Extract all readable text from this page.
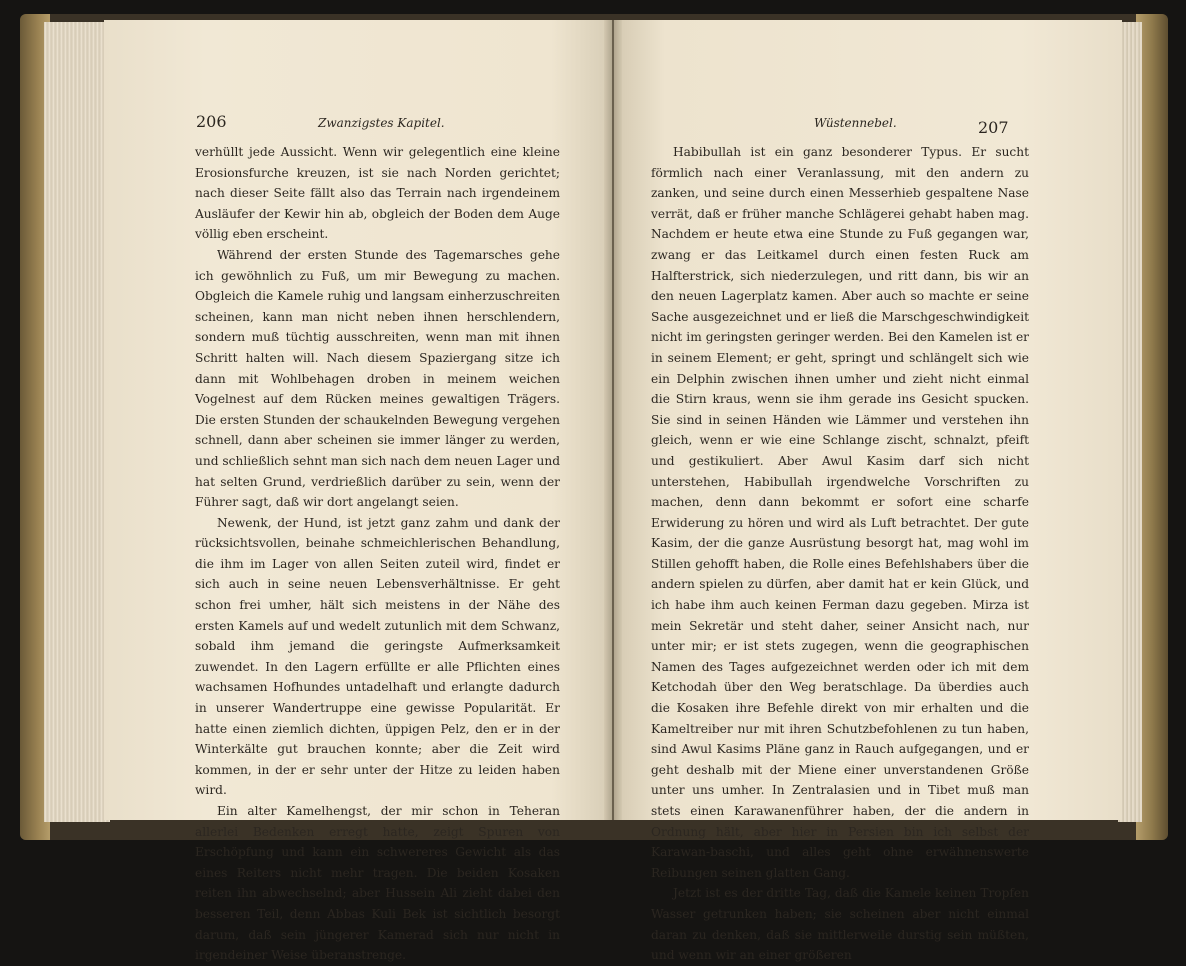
206	Zwanzigstes Kapitel.

verhüllt jede Aussicht. Wenn wir gelegentlich eine kleine Erosionsfurche kreuzen, ist sie nach Norden gerichtet; nach dieser Seite fällt also das Terrain nach irgendeinem Ausläufer der Kewir hin ab, obgleich der Boden dem Auge völlig eben erscheint.

Während der ersten Stunde des Tagemarsches gehe ich gewöhnlich zu Fuß, um mir Bewegung zu machen. Obgleich die Kamele ruhig und langsam einherzuschreiten scheinen, kann man nicht neben ihnen herschlendern, sondern muß tüchtig ausschreiten, wenn man mit ihnen Schritt halten will. Nach diesem Spaziergang sitze ich dann mit Wohlbehagen droben in meinem weichen Vogelnest auf dem Rücken meines gewaltigen Trägers. Die ersten Stunden der schaukelnden Bewegung vergehen schnell, dann aber scheinen sie immer länger zu werden, und schließlich sehnt man sich nach dem neuen Lager und hat selten Grund, verdrießlich darüber zu sein, wenn der Führer sagt, daß wir dort angelangt seien.

Newenk, der Hund, ist jetzt ganz zahm und dank der rücksichtsvollen, beinahe schmeichlerischen Behandlung, die ihm im Lager von allen Seiten zuteil wird, findet er sich auch in seine neuen Lebensverhältnisse. Er geht schon frei umher, hält sich meistens in der Nähe des ersten Kamels auf und wedelt zutunlich mit dem Schwanz, sobald ihm jemand die geringste Aufmerksamkeit zuwendet. In den Lagern erfüllte er alle Pflichten eines wachsamen Hofhundes untadelhaft und erlangte dadurch in unserer Wandertruppe eine gewisse Popularität. Er hatte einen ziemlich dichten, üppigen Pelz, den er in der Winterkälte gut brauchen konnte; aber die Zeit wird kommen, in der er sehr unter der Hitze zu leiden haben wird.

Ein alter Kamelhengst, der mir schon in Teheran allerlei Bedenken erregt hatte, zeigt Spuren von Erschöpfung und kann ein schwereres Gewicht als das eines Reiters nicht mehr tragen. Die beiden Kosaken reiten ihn abwechselnd; aber Hussein Ali zieht dabei den besseren Teil, denn Abbas Kuli Bek ist sichtlich besorgt darum, daß sein jüngerer Kamerad sich nur nicht in irgendeiner Weise überanstrenge.

Wüstennebel.	207

Habibullah ist ein ganz besonderer Typus. Er sucht förmlich nach einer Veranlassung, mit den andern zu zanken, und seine durch einen Messerhieb gespaltene Nase verrät, daß er früher manche Schlägerei gehabt haben mag. Nachdem er heute etwa eine Stunde zu Fuß gegangen war, zwang er das Leitkamel durch einen festen Ruck am Halfterstrick, sich niederzulegen, und ritt dann, bis wir an den neuen Lagerplatz kamen. Aber auch so machte er seine Sache ausgezeichnet und er ließ die Marschgeschwindigkeit nicht im geringsten geringer werden. Bei den Kamelen ist er in seinem Element; er geht, springt und schlängelt sich wie ein Delphin zwischen ihnen umher und zieht nicht einmal die Stirn kraus, wenn sie ihm gerade ins Gesicht spucken. Sie sind in seinen Händen wie Lämmer und verstehen ihn gleich, wenn er wie eine Schlange zischt, schnalzt, pfeift und gestikuliert. Aber Awul Kasim darf sich nicht unterstehen, Habibullah irgendwelche Vorschriften zu machen, denn dann bekommt er sofort eine scharfe Erwiderung zu hören und wird als Luft betrachtet. Der gute Kasim, der die ganze Ausrüstung besorgt hat, mag wohl im Stillen gehofft haben, die Rolle eines Befehlshabers über die andern spielen zu dürfen, aber damit hat er kein Glück, und ich habe ihm auch keinen Ferman dazu gegeben. Mirza ist mein Sekretär und steht daher, seiner Ansicht nach, nur unter mir; er ist stets zugegen, wenn die geographischen Namen des Tages aufgezeichnet werden oder ich mit dem Ketchodah über den Weg beratschlage. Da überdies auch die Kosaken ihre Befehle direkt von mir erhalten und die Kameltreiber nur mit ihren Schutzbefohlenen zu tun haben, sind Awul Kasims Pläne ganz in Rauch aufgegangen, und er geht deshalb mit der Miene einer unverstandenen Größe unter uns umher. In Zentralasien und in Tibet muß man stets einen Karawanenführer haben, der die andern in Ordnung hält, aber hier in Persien bin ich selbst der Karawan-baschi, und alles geht ohne erwähnenswerte Reibungen seinen glatten Gang.

Jetzt ist es der dritte Tag, daß die Kamele keinen Tropfen Wasser getrunken haben; sie scheinen aber nicht einmal daran zu denken, daß sie mittlerweile durstig sein müßten, und wenn wir an einer größeren
